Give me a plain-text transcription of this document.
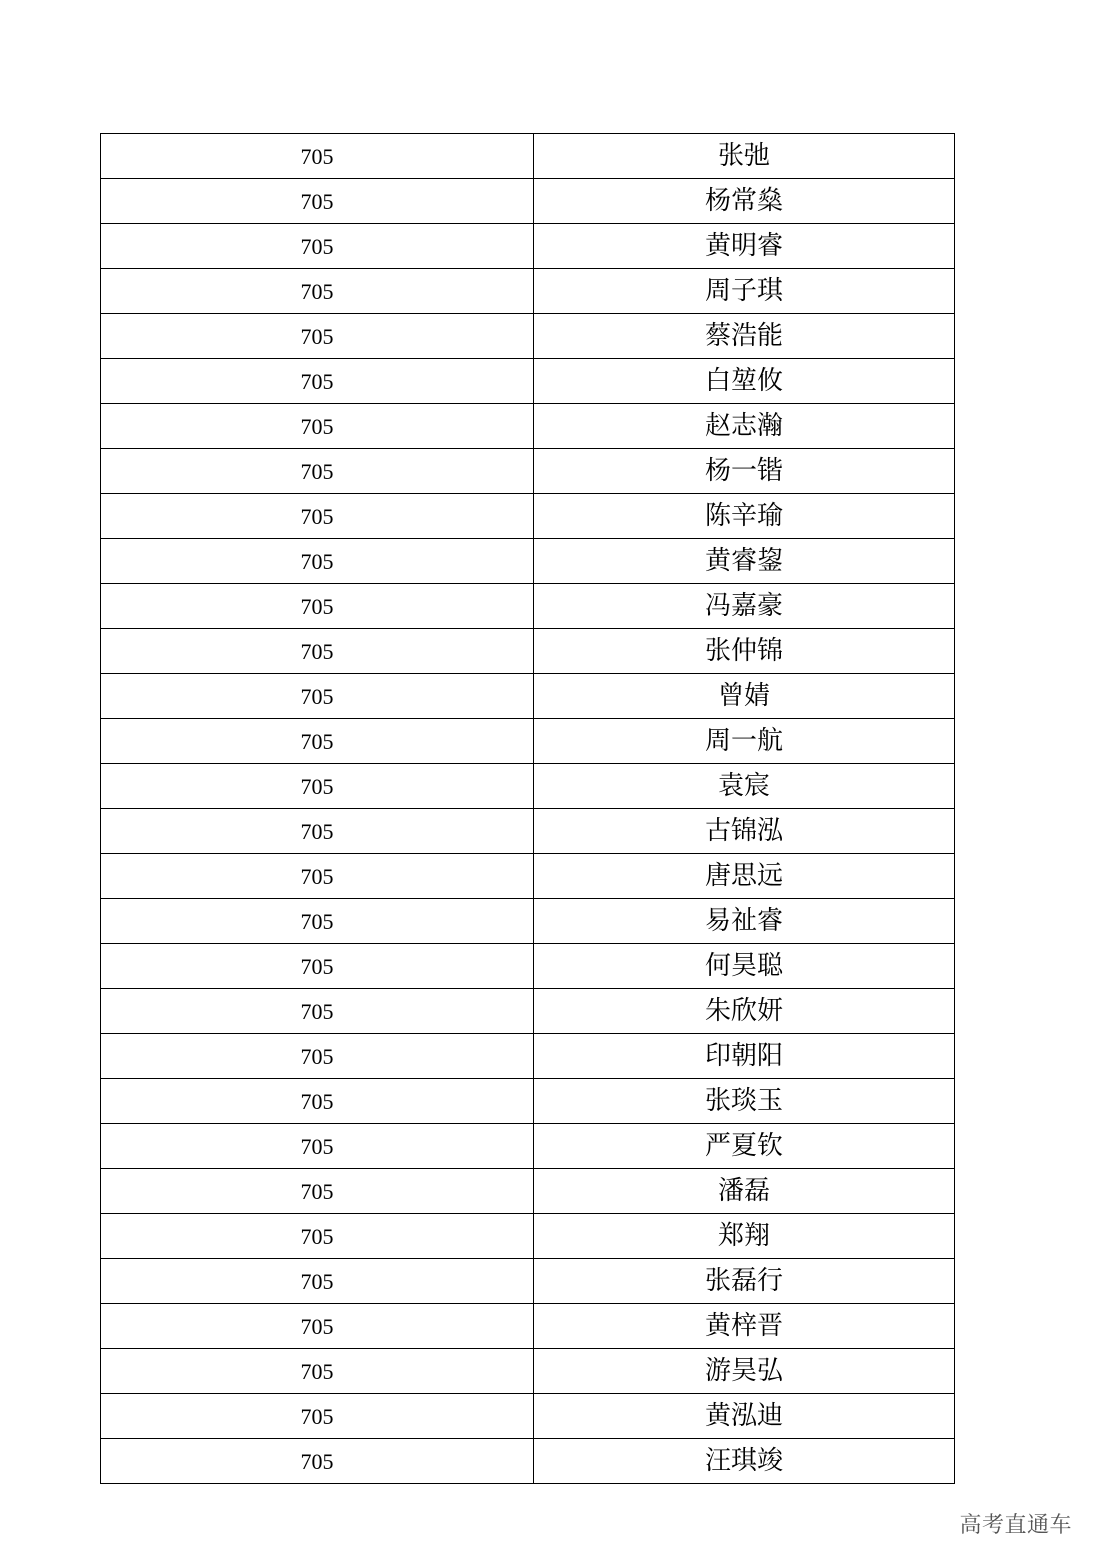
705	张弛
705	杨常燊
705	黄明睿
705	周子琪
705	蔡浩能
705	白堃攸
705	赵志瀚
705	杨一锴
705	陈辛瑜
705	黄睿鋆
705	冯嘉豪
705	张仲锦
705	曾婧
705	周一航
705	袁宸
705	古锦泓
705	唐思远
705	易祉睿
705	何昊聪
705	朱欣妍
705	印朝阳
705	张琰玉
705	严夏钦
705	潘磊
705	郑翔
705	张磊行
705	黄梓晋
705	游昊弘
705	黄泓迪
705	汪琪竣
高考直通车
